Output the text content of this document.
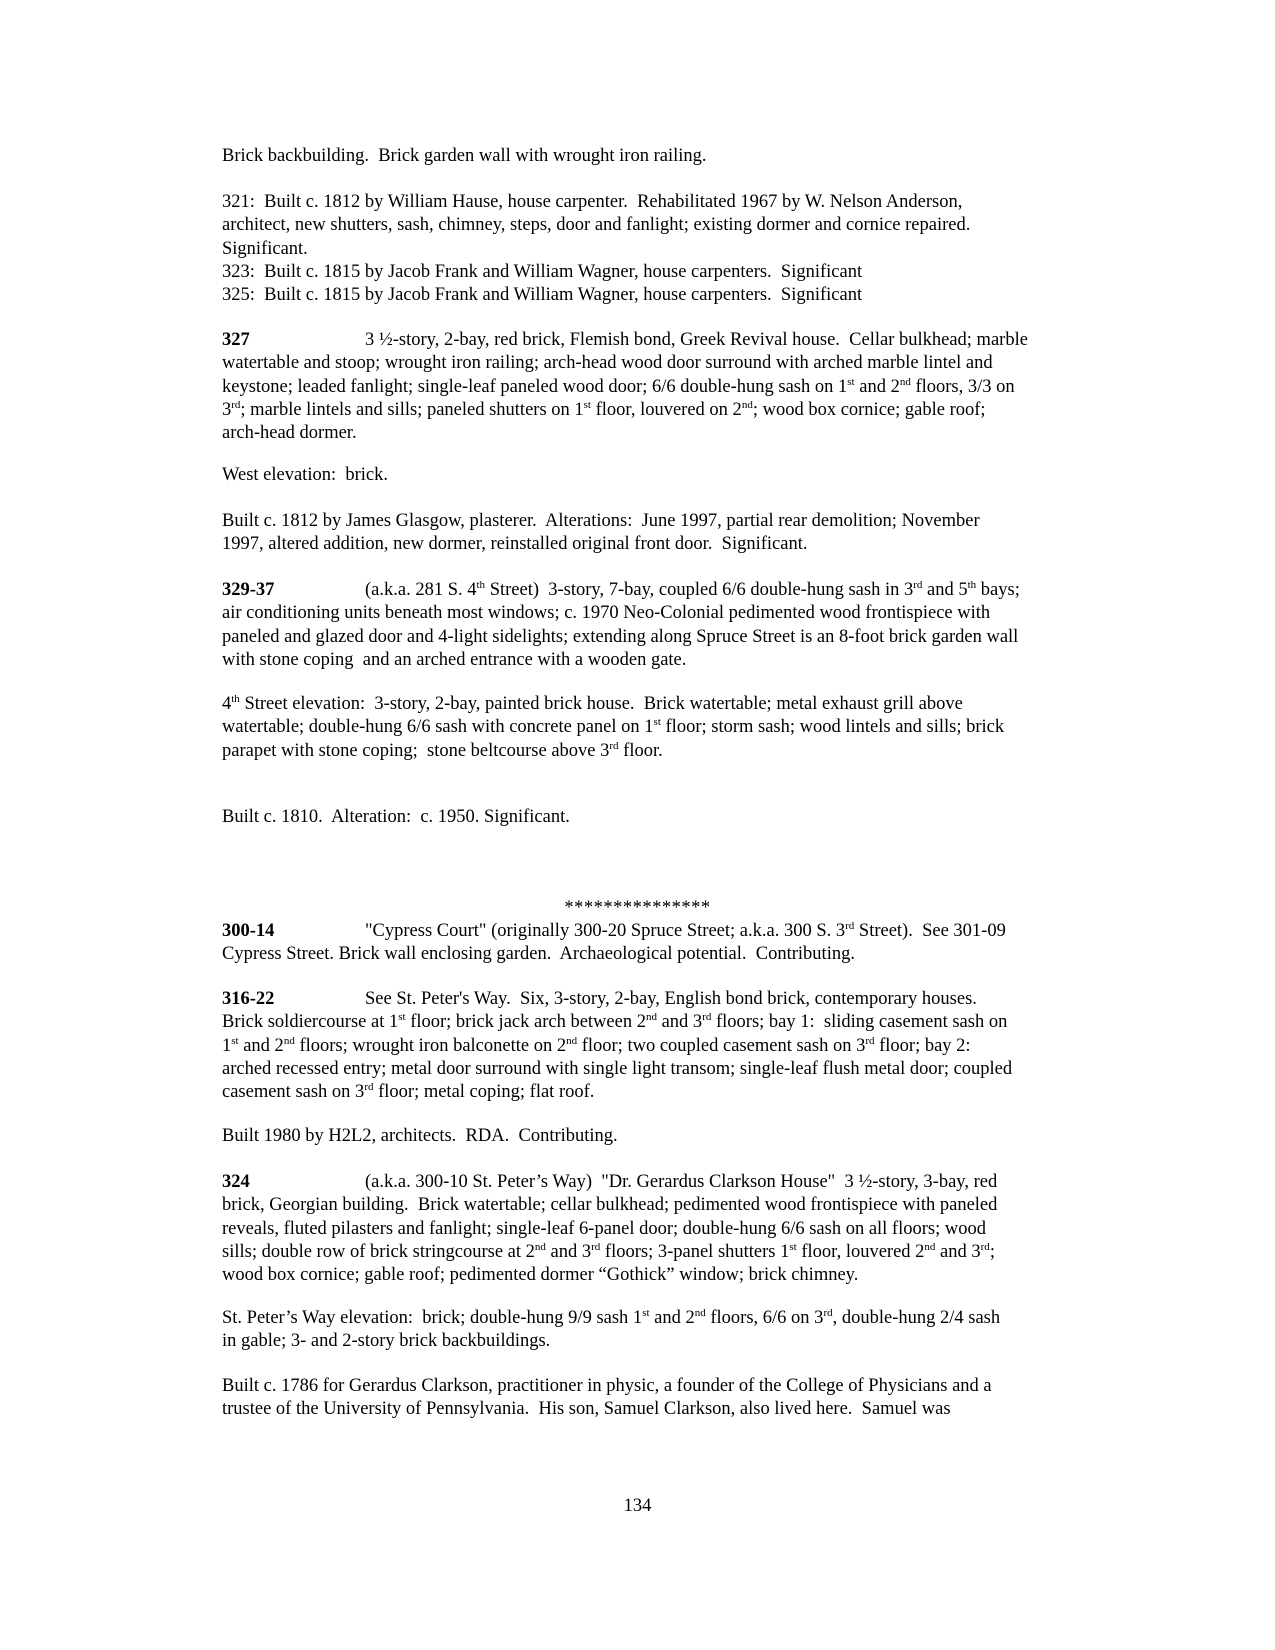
Brick backbuilding.  Brick garden wall with wrought iron railing.

321:  Built c. 1812 by William Hause, house carpenter.  Rehabilitated 1967 by W. Nelson Anderson,
architect, new shutters, sash, chimney, steps, door and fanlight; existing dormer and cornice repaired.
Significant.
323:  Built c. 1815 by Jacob Frank and William Wagner, house carpenters.  Significant
325:  Built c. 1815 by Jacob Frank and William Wagner, house carpenters.  Significant

327	3 ½-story, 2-bay, red brick, Flemish bond, Greek Revival house.  Cellar bulkhead; marble
watertable and stoop; wrought iron railing; arch-head wood door surround with arched marble lintel and
keystone; leaded fanlight; single-leaf paneled wood door; 6/6 double-hung sash on 1st and 2nd floors, 3/3 on
3rd; marble lintels and sills; paneled shutters on 1st floor, louvered on 2nd; wood box cornice; gable roof;
arch-head dormer.

West elevation:  brick.

Built c. 1812 by James Glasgow, plasterer.  Alterations:  June 1997, partial rear demolition; November
1997, altered addition, new dormer, reinstalled original front door.  Significant.

329-37	(a.k.a. 281 S. 4th Street)  3-story, 7-bay, coupled 6/6 double-hung sash in 3rd and 5th bays;
air conditioning units beneath most windows; c. 1970 Neo-Colonial pedimented wood frontispiece with
paneled and glazed door and 4-light sidelights; extending along Spruce Street is an 8-foot brick garden wall
with stone coping  and an arched entrance with a wooden gate.

4th Street elevation:  3-story, 2-bay, painted brick house.  Brick watertable; metal exhaust grill above
watertable; double-hung 6/6 sash with concrete panel on 1st floor; storm sash; wood lintels and sills; brick
parapet with stone coping;  stone beltcourse above 3rd floor.

Built c. 1810.  Alteration:  c. 1950. Significant.

***************

300-14	"Cypress Court" (originally 300-20 Spruce Street; a.k.a. 300 S. 3rd Street).  See 301-09
Cypress Street. Brick wall enclosing garden.  Archaeological potential.  Contributing.

316-22	See St. Peter's Way.  Six, 3-story, 2-bay, English bond brick, contemporary houses.
Brick soldiercourse at 1st floor; brick jack arch between 2nd and 3rd floors; bay 1:  sliding casement sash on
1st and 2nd floors; wrought iron balconette on 2nd floor; two coupled casement sash on 3rd floor; bay 2:
arched recessed entry; metal door surround with single light transom; single-leaf flush metal door; coupled
casement sash on 3rd floor; metal coping; flat roof.

Built 1980 by H2L2, architects.  RDA.  Contributing.

324	(a.k.a. 300-10 St. Peter’s Way)  "Dr. Gerardus Clarkson House"  3 ½-story, 3-bay, red
brick, Georgian building.  Brick watertable; cellar bulkhead; pedimented wood frontispiece with paneled
reveals, fluted pilasters and fanlight; single-leaf 6-panel door; double-hung 6/6 sash on all floors; wood
sills; double row of brick stringcourse at 2nd and 3rd floors; 3-panel shutters 1st floor, louvered 2nd and 3rd;
wood box cornice; gable roof; pedimented dormer “Gothick” window; brick chimney.

St. Peter’s Way elevation:  brick; double-hung 9/9 sash 1st and 2nd floors, 6/6 on 3rd, double-hung 2/4 sash
in gable; 3- and 2-story brick backbuildings.

Built c. 1786 for Gerardus Clarkson, practitioner in physic, a founder of the College of Physicians and a
trustee of the University of Pennsylvania.  His son, Samuel Clarkson, also lived here.  Samuel was

134
